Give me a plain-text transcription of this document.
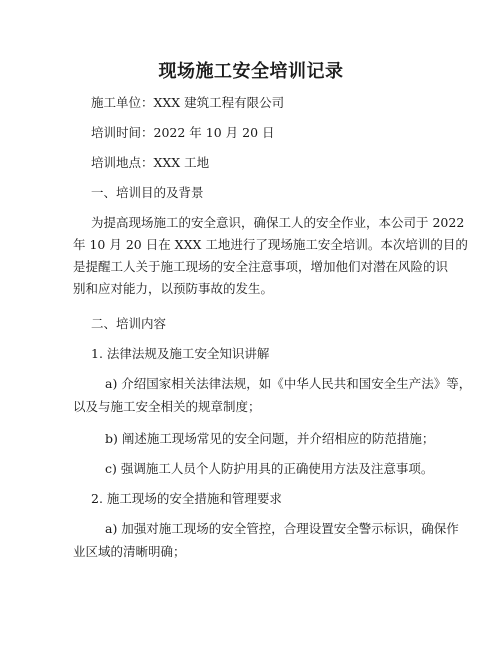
现场施工安全培训记录
施工单位：XXX 建筑工程有限公司
培训时间：2022 年 10 月 20 日
培训地点：XXX 工地
一、培训目的及背景
为提高现场施工的安全意识，确保工人的安全作业，本公司于 2022
年 10 月 20 日在 XXX 工地进行了现场施工安全培训。本次培训的目的
是提醒工人关于施工现场的安全注意事项，增加他们对潜在风险的识
别和应对能力，以预防事故的发生。
二、培训内容
1. 法律法规及施工安全知识讲解
a) 介绍国家相关法律法规，如《中华人民共和国安全生产法》等，
以及与施工安全相关的规章制度；
b) 阐述施工现场常见的安全问题，并介绍相应的防范措施；
c) 强调施工人员个人防护用具的正确使用方法及注意事项。
2. 施工现场的安全措施和管理要求
a) 加强对施工现场的安全管控，合理设置安全警示标识，确保作
业区域的清晰明确；
